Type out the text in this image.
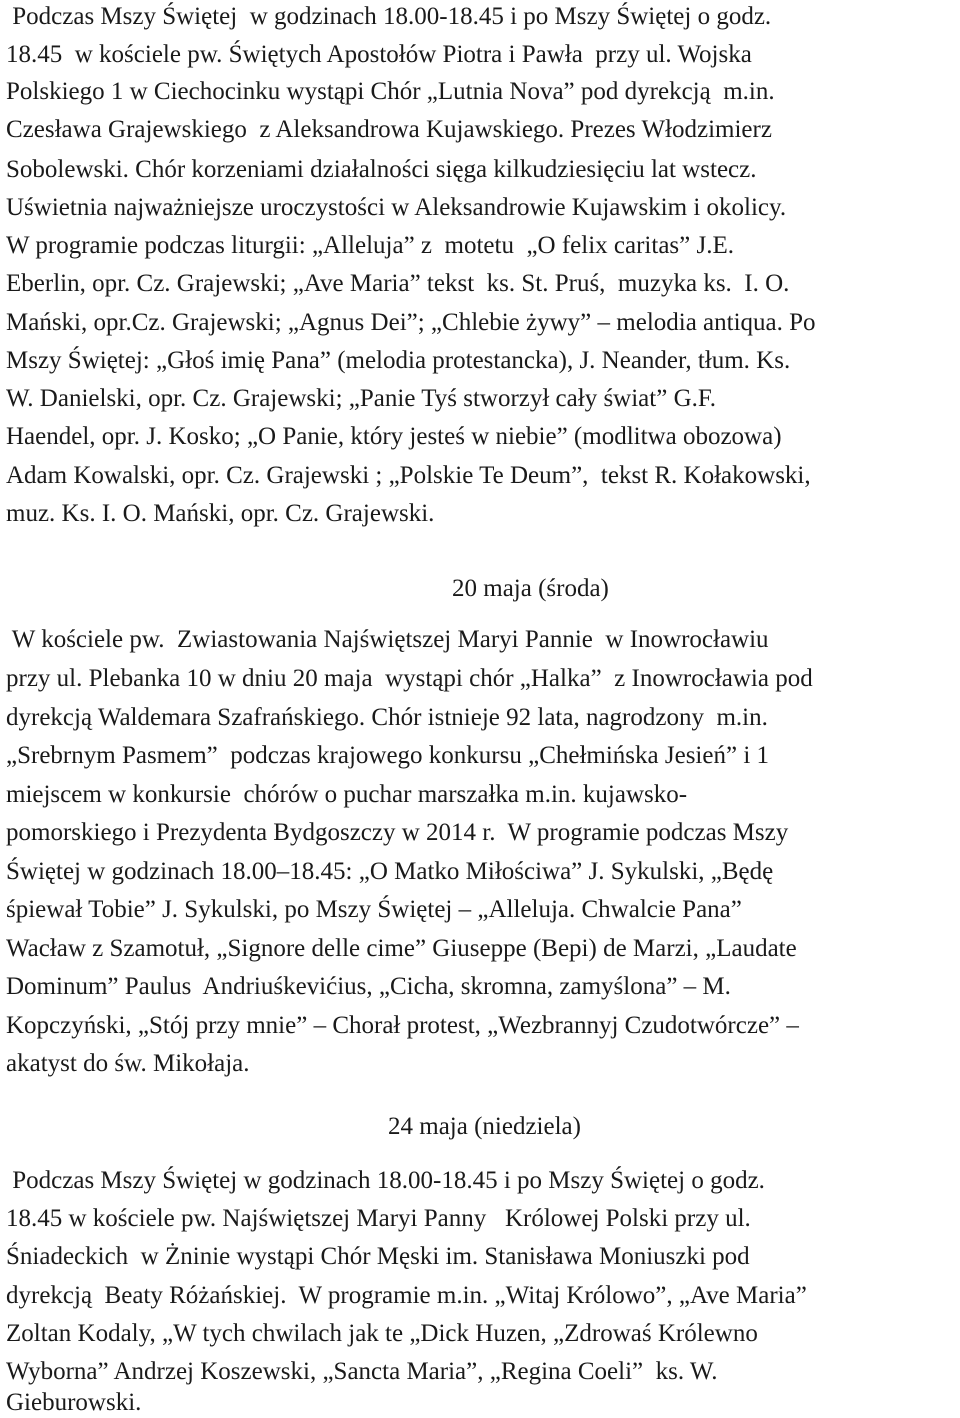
Podczas Mszy Świętej  w godzinach 18.00-18.45 i po Mszy Świętej o godz.
18.45  w kościele pw. Świętych Apostołów Piotra i Pawła  przy ul. Wojska
Polskiego 1 w Ciechocinku wystąpi Chór „Lutnia Nova” pod dyrekcją  m.in.
Czesława Grajewskiego  z Aleksandrowa Kujawskiego. Prezes Włodzimierz
Sobolewski. Chór korzeniami działalności sięga kilkudziesięciu lat wstecz.
Uświetnia najważniejsze uroczystości w Aleksandrowie Kujawskim i okolicy.
W programie podczas liturgii: „Alleluja” z  motetu  „O felix caritas” J.E.
Eberlin, opr. Cz. Grajewski; „Ave Maria” tekst  ks. St. Pruś,  muzyka ks.  I. O.
Mański, opr.Cz. Grajewski; „Agnus Dei”; „Chlebie żywy” – melodia antiqua. Po
Mszy Świętej: „Głoś imię Pana” (melodia protestancka), J. Neander, tłum. Ks.
W. Danielski, opr. Cz. Grajewski; „Panie Tyś stworzył cały świat” G.F.
Haendel, opr. J. Kosko; „O Panie, który jesteś w niebie” (modlitwa obozowa)
Adam Kowalski, opr. Cz. Grajewski ; „Polskie Te Deum”,  tekst R. Kołakowski,
muz. Ks. I. O. Mański, opr. Cz. Grajewski.
20 maja (środa)
W kościele pw.  Zwiastowania Najświętszej Maryi Pannie  w Inowrocławiu
przy ul. Plebanka 10 w dniu 20 maja  wystąpi chór „Halka”  z Inowrocławia pod
dyrekcją Waldemara Szafrańskiego. Chór istnieje 92 lata, nagrodzony  m.in.
„Srebrnym Pasmem”  podczas krajowego konkursu „Chełmińska Jesień” i 1
miejscem w konkursie  chórów o puchar marszałka m.in. kujawsko-
pomorskiego i Prezydenta Bydgoszczy w 2014 r.  W programie podczas Mszy
Świętej w godzinach 18.00–18.45: „O Matko Miłościwa” J. Sykulski, „Będę
śpiewał Tobie” J. Sykulski, po Mszy Świętej – „Alleluja. Chwalcie Pana”
Wacław z Szamotuł, „Signore delle cime” Giuseppe (Bepi) de Marzi, „Laudate
Dominum” Paulus  Andriuśkevićius, „Cicha, skromna, zamyślona” – M.
Kopczyński, „Stój przy mnie” – Chorał protest, „Wezbrannyj Czudotwórcze” –
akatyst do św. Mikołaja.
24 maja (niedziela)
Podczas Mszy Świętej w godzinach 18.00-18.45 i po Mszy Świętej o godz.
18.45 w kościele pw. Najświętszej Maryi Panny   Królowej Polski przy ul.
Śniadeckich  w Żninie wystąpi Chór Męski im. Stanisława Moniuszki pod
dyrekcją  Beaty Różańskiej.  W programie m.in. „Witaj Królowo”, „Ave Maria”
Zoltan Kodaly, „W tych chwilach jak te „Dick Huzen, „Zdrowaś Królewno
Wyborna” Andrzej Koszewski, „Sancta Maria”, „Regina Coeli”  ks. W.
Gieburowski.
